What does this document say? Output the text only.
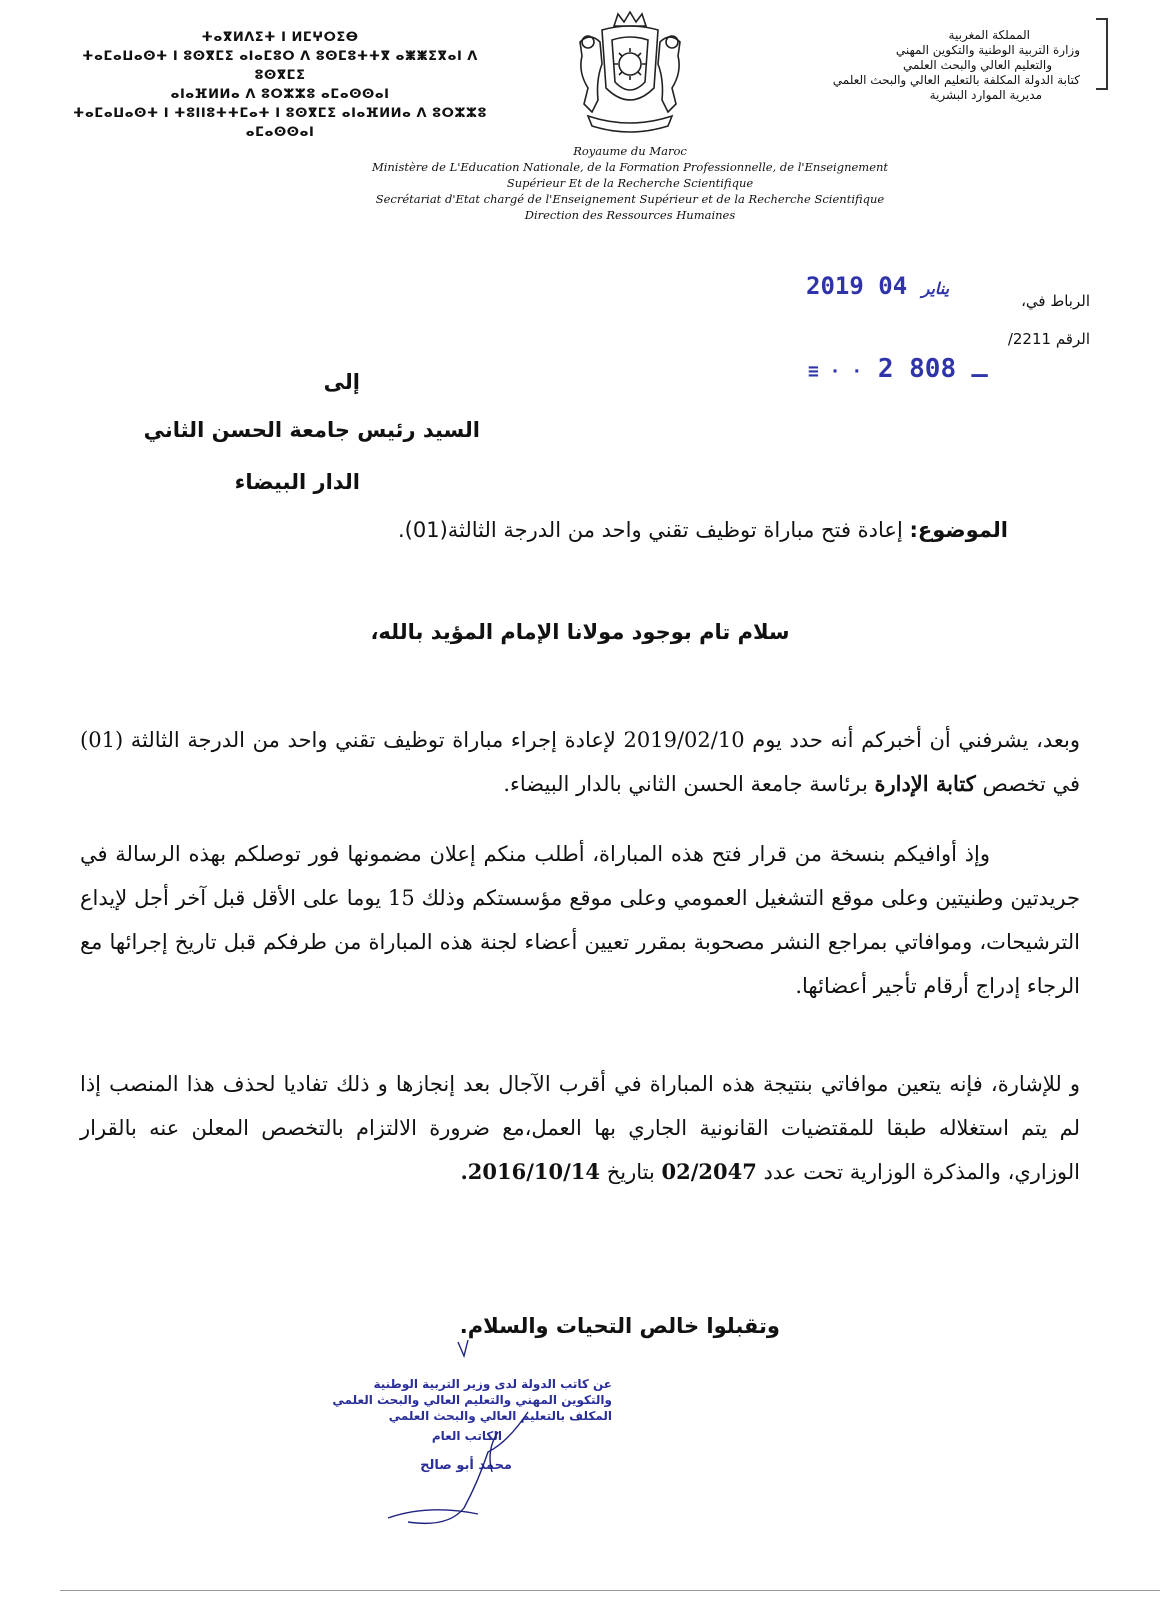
ⵜⴰⴳⵍⴷⵉⵜ ⵏ ⵍⵎⵖⵔⵉⴱ
ⵜⴰⵎⴰⵡⴰⵙⵜ ⵏ ⵓⵙⴳⵎⵉ ⴰⵏⴰⵎⵓⵔ ⴷ ⵓⵙⵎⵓⵜⵜⴳ ⴰⵥⵥⵉⴳⴰⵏ ⴷ ⵓⵙⴳⵎⵉ
ⴰⵏⴰⴼⵍⵍⴰ ⴷ ⵓⵔⵣⵣⵓ ⴰⵎⴰⵙⵙⴰⵏ
ⵜⴰⵎⴰⵡⴰⵙⵜ ⵏ ⵜⵓⵏⵏⵓⵜⵜⵎⴰⵜ ⵏ ⵓⵙⴳⵎⵉ ⴰⵏⴰⴼⵍⵍⴰ ⴷ ⵓⵔⵣⵣⵓ
ⴰⵎⴰⵙⵙⴰⵏ
المملكة المغربية
وزارة التربية الوطنية والتكوين المهني
والتعليم العالي والبحث العلمي
كتابة الدولة المكلفة بالتعليم العالي والبحث العلمي
مديرية الموارد البشرية
Royaume du Maroc
Ministère de L'Education Nationale, de la Formation Professionnelle, de l'Enseignement
Supérieur Et de la Recherche Scientifique
Secrétariat d'Etat chargé de l'Enseignement Supérieur et de la Recherche Scientifique
Direction des Ressources Humaines
2019	يناير 04
الرباط في،
الرقم /2211
≡ · · 2 ـ 808
إلى
السيد رئيس جامعة الحسن الثاني
الدار البيضاء
الموضوع: إعادة فتح مباراة توظيف تقني واحد من الدرجة الثالثة(01).
سلام تام بوجود مولانا الإمام المؤيد بالله،
وبعد، يشرفني أن أخبركم أنه حدد يوم 2019/02/10 لإعادة إجراء مباراة توظيف تقني واحد من الدرجة الثالثة (01) في تخصص كتابة الإدارة برئاسة جامعة الحسن الثاني بالدار البيضاء.
وإذ أوافيكم بنسخة من قرار فتح هذه المباراة، أطلب منكم إعلان مضمونها فور توصلكم بهذه الرسالة في جريدتين وطنيتين وعلى موقع التشغيل العمومي وعلى موقع مؤسستكم وذلك 15 يوما على الأقل قبل آخر أجل لإيداع الترشيحات، وموافاتي بمراجع النشر مصحوبة بمقرر تعيين أعضاء لجنة هذه المباراة من طرفكم قبل تاريخ إجرائها مع الرجاء إدراج أرقام تأجير أعضائها.
و للإشارة، فإنه يتعين موافاتي بنتيجة هذه المباراة في أقرب الآجال بعد إنجازها و ذلك تفاديا لحذف هذا المنصب إذا لم يتم استغلاله طبقا للمقتضيات القانونية الجاري بها العمل،مع ضرورة الالتزام بالتخصص المعلن عنه بالقرار الوزاري، والمذكرة الوزارية تحت عدد 02/2047 بتاريخ 2016/10/14.
وتقبلوا خالص التحيات والسلام.
عن كاتب الدولة لدى وزير التربية الوطنية
والتكوين المهني والتعليم العالي والبحث العلمي
المكلف بالتعليم العالي والبحث العلمي
الكاتب العام
محمد أبو صالح
